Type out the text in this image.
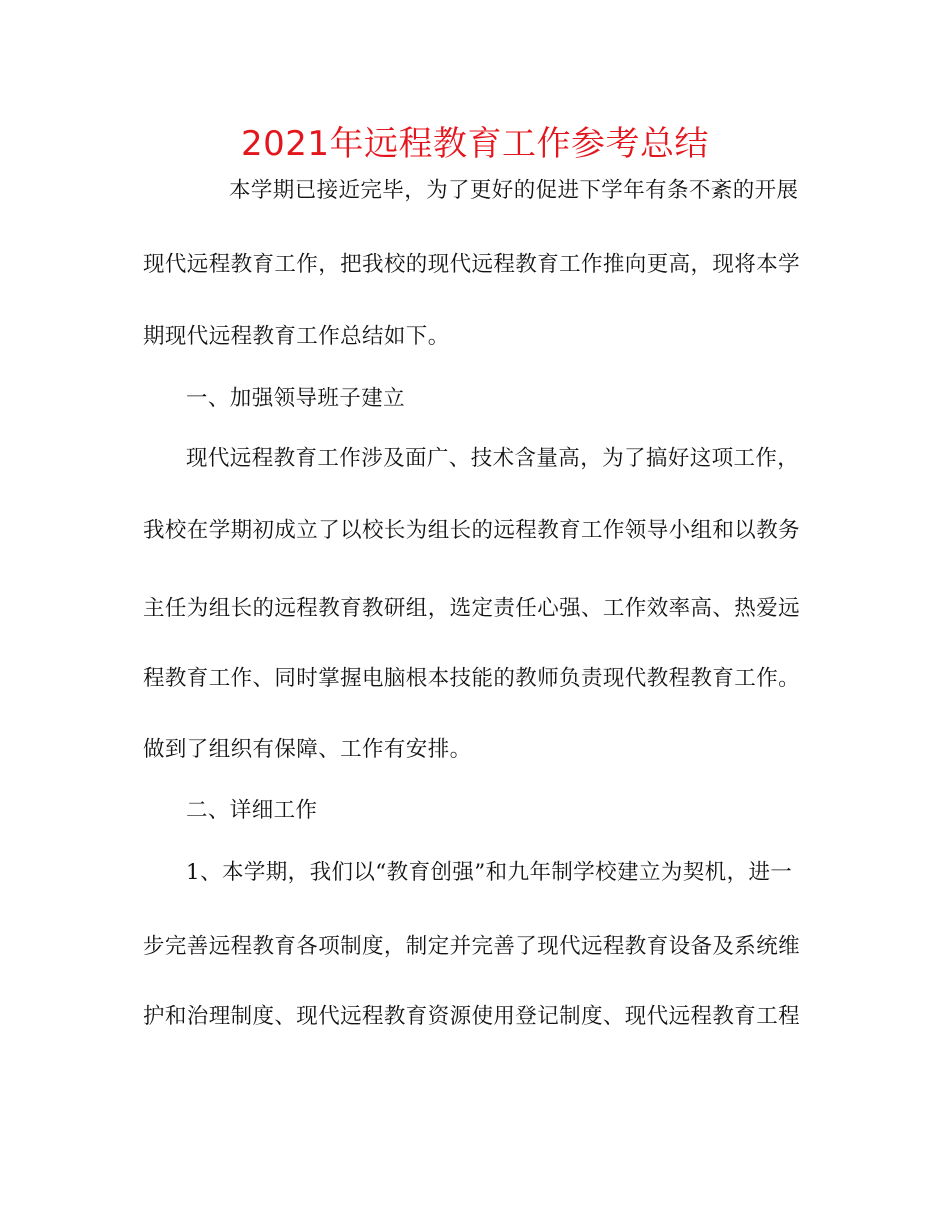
2021年远程教育工作参考总结
本学期已接近完毕，为了更好的促进下学年有条不紊的开展
现代远程教育工作，把我校的现代远程教育工作推向更高，现将本学
期现代远程教育工作总结如下。
一、加强领导班子建立
现代远程教育工作涉及面广、技术含量高，为了搞好这项工作，
我校在学期初成立了以校长为组长的远程教育工作领导小组和以教务
主任为组长的远程教育教研组，选定责任心强、工作效率高、热爱远
程教育工作、同时掌握电脑根本技能的教师负责现代教程教育工作。
做到了组织有保障、工作有安排。
二、详细工作
1、本学期，我们以“教育创强”和九年制学校建立为契机，进一
步完善远程教育各项制度，制定并完善了现代远程教育设备及系统维
护和治理制度、现代远程教育资源使用登记制度、现代远程教育工程
